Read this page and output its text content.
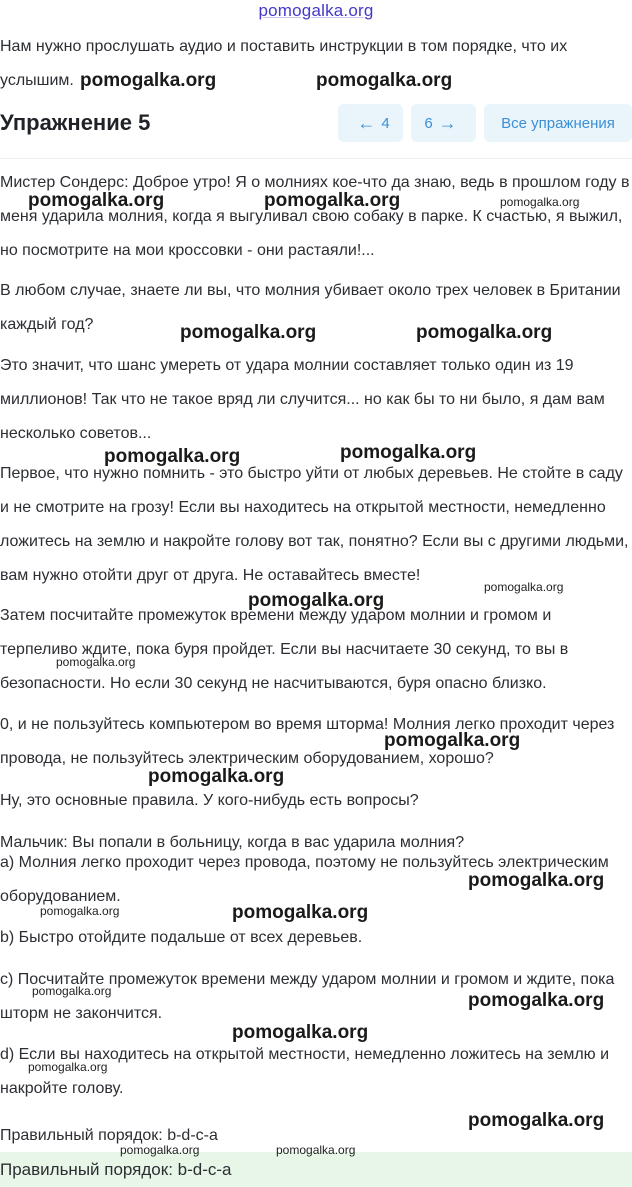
pomogalka.org

Нам нужно прослушать аудио и поставить инструкции в том порядке, что их услышим.

Упражнение 5	← 4 6 →	Все упражнения

Мистер Сондерс: Доброе утро! Я о молниях кое-что да знаю, ведь в прошлом году в меня ударила молния, когда я выгуливал свою собаку в парке. К счастью, я выжил, но посмотрите на мои кроссовки - они растаяли!...

В любом случае, знаете ли вы, что молния убивает около трех человек в Британии каждый год?

Это значит, что шанс умереть от удара молнии составляет только один из 19 миллионов! Так что не такое вряд ли случится... но как бы то ни было, я дам вам несколько советов...

Первое, что нужно помнить - это быстро уйти от любых деревьев. Не стойте в саду и не смотрите на грозу! Если вы находитесь на открытой местности, немедленно ложитесь на землю и накройте голову вот так, понятно? Если вы с другими людьми, вам нужно отойти друг от друга. Не оставайтесь вместе!

Затем посчитайте промежуток времени между ударом молнии и громом и терпеливо ждите, пока буря пройдет. Если вы насчитаете 30 секунд, то вы в безопасности. Но если 30 секунд не насчитываются, буря опасно близко.

0, и не пользуйтесь компьютером во время шторма! Молния легко проходит через провода, не пользуйтесь электрическим оборудованием, хорошо?

Ну, это основные правила. У кого-нибудь есть вопросы?

Мальчик: Вы попали в больницу, когда в вас ударила молния?

a) Молния легко проходит через провода, поэтому не пользуйтесь электрическим оборудованием.

b) Быстро отойдите подальше от всех деревьев.

c) Посчитайте промежуток времени между ударом молнии и громом и ждите, пока шторм не закончится.

d) Если вы находитесь на открытой местности, немедленно ложитесь на землю и накройте голову.

Правильный порядок: b-d-c-a

Правильный порядок: b-d-c-a
pomogalka.org	pomogalka.org
pomogalka.org	pomogalka.org	pomogalka.org
pomogalka.org	pomogalka.org
pomogalka.org
pomogalka.org
pomogalka.org
pomogalka.org
pomogalka.org
pomogalka.org
pomogalka.org
pomogalka.org
pomogalka.org	pomogalka.org
pomogalka.org	pomogalka.org
pomogalka.org
pomogalka.org
pomogalka.org
pomogalka.org	pomogalka.org
